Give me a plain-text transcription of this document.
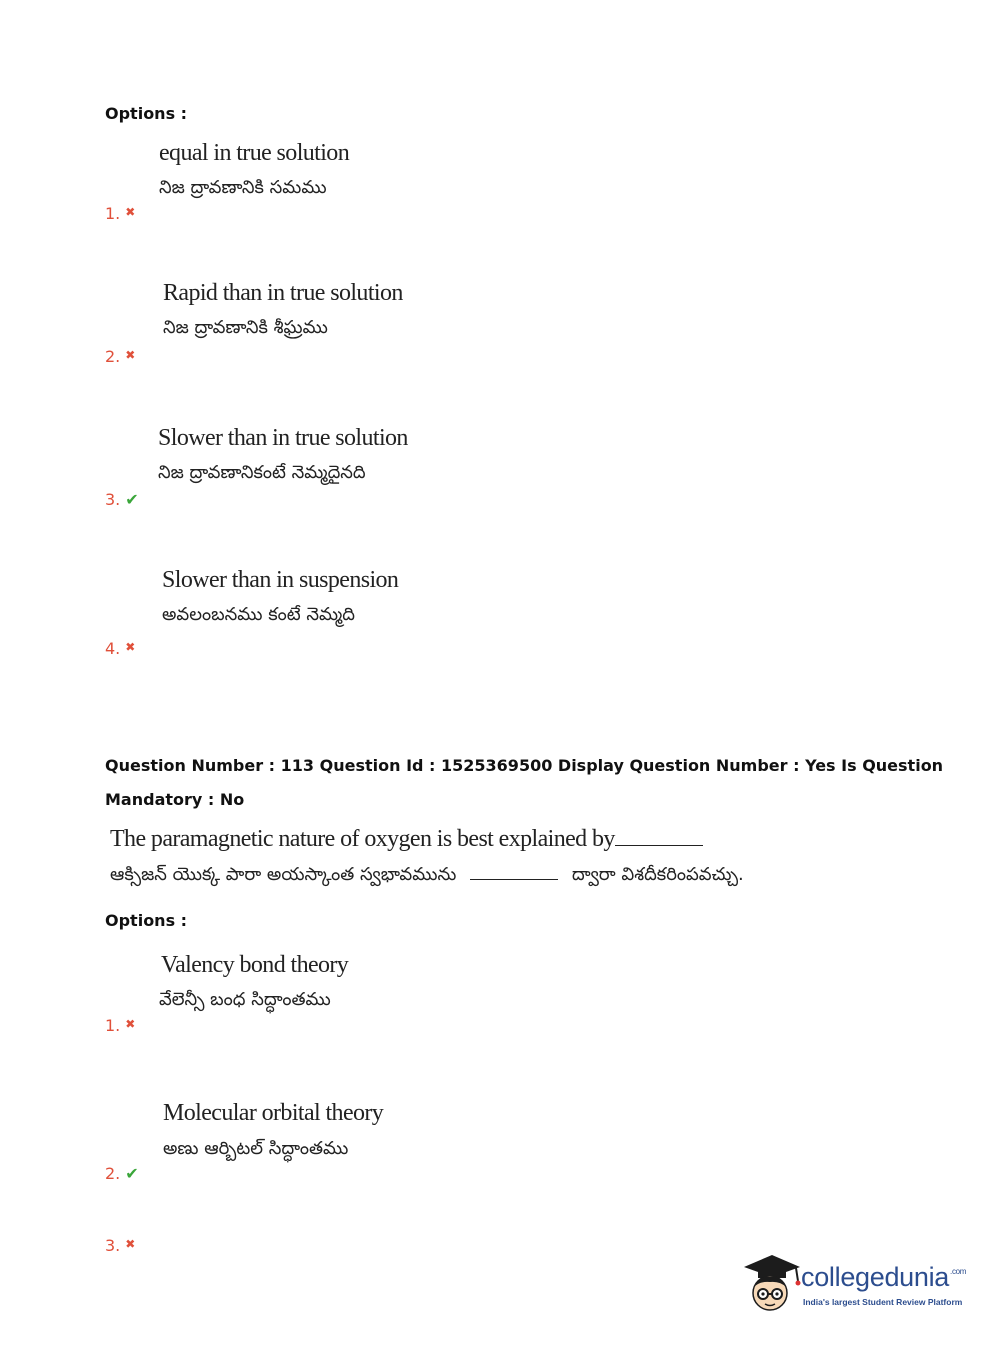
Options :
equal in true solution
నిజ ద్రావణానికి సమము
1. ✖
Rapid than in true solution
నిజ ద్రావణానికి శీఘ్రము
2. ✖
Slower than in true solution
నిజ ద్రావణానికంటే నెమ్మదైనది
3. ✔
Slower than in suspension
అవలంబనము కంటే నెమ్మది
4. ✖
Question Number : 113 Question Id : 1525369500 Display Question Number : Yes Is Question
Mandatory : No
The paramagnetic nature of oxygen is best explained by
ఆక్సిజన్ యొక్క పారా అయస్కాంత స్వభావమును	ద్వారా విశదీకరింపవచ్చు.
Options :
Valency bond theory
వేలెన్సీ బంధ సిద్ధాంతము
1. ✖
Molecular orbital theory
అణు ఆర్బిటల్ సిద్ధాంతము
2. ✔
3. ✖
collegedunia$^{.com}$
India's largest Student Review Platform
